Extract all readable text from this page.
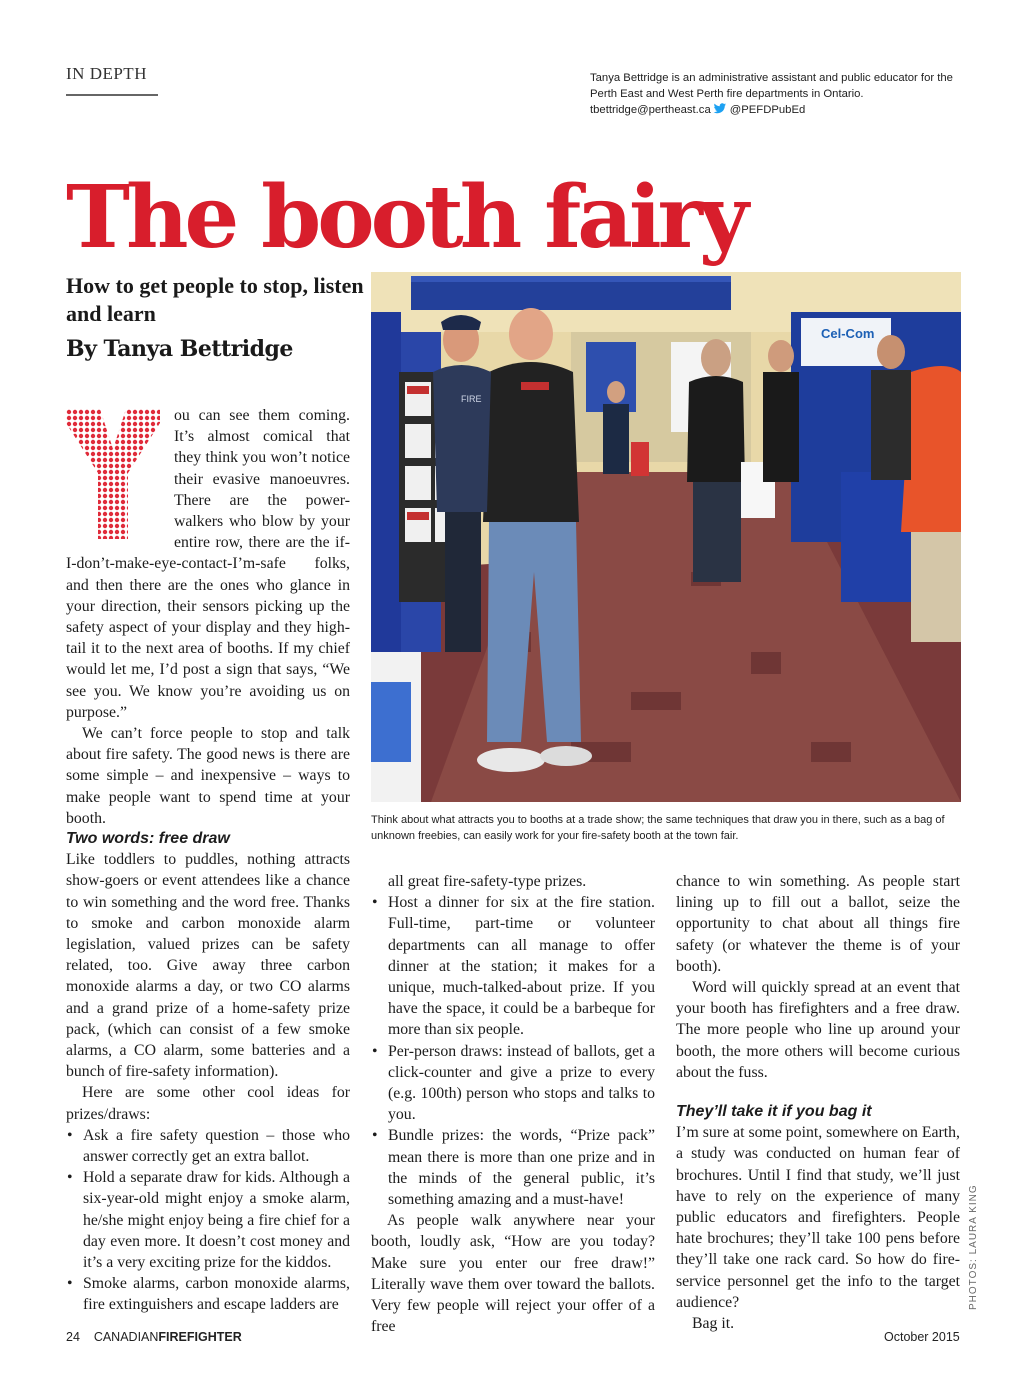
IN DEPTH	Tanya Bettridge is an administrative assistant and public educator for the Perth East and West Perth fire departments in Ontario.
tbettridge@pertheast.ca @PEFDPubEd
The booth fairy
How to get people to stop, listen and learn
By Tanya Bettridge
Cel-Com
FIRE
Think about what attracts you to booths at a trade show; the same techniques that draw you in there, such as a bag of unknown freebies, can easily work for your fire-safety booth at the town fair.
PHOTOS: LAURA KING

ou can see them coming. It’s almost comical that they think you won’t notice their evasive manoeuvres. There are the power-walkers who blow by your entire row, there are the if-I-don’t-make-eye-contact-I’m-safe folks, and then there are the ones who glance in your direction, their sensors picking up the safety aspect of your display and they high-tail it to the next area of booths. If my chief would let me, I’d post a sign that says, “We see you. We know you’re avoiding us on purpose.”

We can’t force people to stop and talk about fire safety. The good news is there are some simple – and inexpensive – ways to make people want to spend time at your booth.

Two words: free draw

Like toddlers to puddles, nothing attracts show-goers or event attendees like a chance to win something and the word free. Thanks to smoke and carbon monoxide alarm legislation, valued prizes can be safety related, too. Give away three carbon monoxide alarms a day, or two CO alarms and a grand prize of a home-safety prize pack, (which can consist of a few smoke alarms, a CO alarm, some batteries and a bunch of fire-safety information).

Here are some other cool ideas for prizes/draws:

• Ask a fire safety question – those who answer correctly get an extra ballot.
• Hold a separate draw for kids. Although a six-year-old might enjoy a smoke alarm, he/she might enjoy being a fire chief for a day even more. It doesn’t cost money and it’s a very exciting prize for the kiddos.
• Smoke alarms, carbon monoxide alarms, fire extinguishers and escape ladders are

all great fire-safety-type prizes.

• Host a dinner for six at the fire station. Full-time, part-time or volunteer departments can all manage to offer dinner at the station; it makes for a unique, much-talked-about prize. If you have the space, it could be a barbeque for more than six people.
• Per-person draws: instead of ballots, get a click-counter and give a prize to every (e.g. 100th) person who stops and talks to you.
• Bundle prizes: the words, “Prize pack” mean there is more than one prize and in the minds of the general public, it’s something amazing and a must-have!

As people walk anywhere near your booth, loudly ask, “How are you today? Make sure you enter our free draw!” Literally wave them over toward the ballots. Very few people will reject your offer of a free

chance to win something. As people start lining up to fill out a ballot, seize the opportunity to chat about all things fire safety (or whatever the theme is of your booth).

Word will quickly spread at an event that your booth has firefighters and a free draw. The more people who line up around your booth, the more others will become curious about the fuss.

They’ll take it if you bag it

I’m sure at some point, somewhere on Earth, a study was conducted on human fear of brochures. Until I find that study, we’ll just have to rely on the experience of many public educators and firefighters. People hate brochures; they’ll take 100 pens before they’ll take one rack card. So how do fire-service personnel get the info to the target audience?

Bag it.

24 CANADIANFIREFIGHTER	October 2015
